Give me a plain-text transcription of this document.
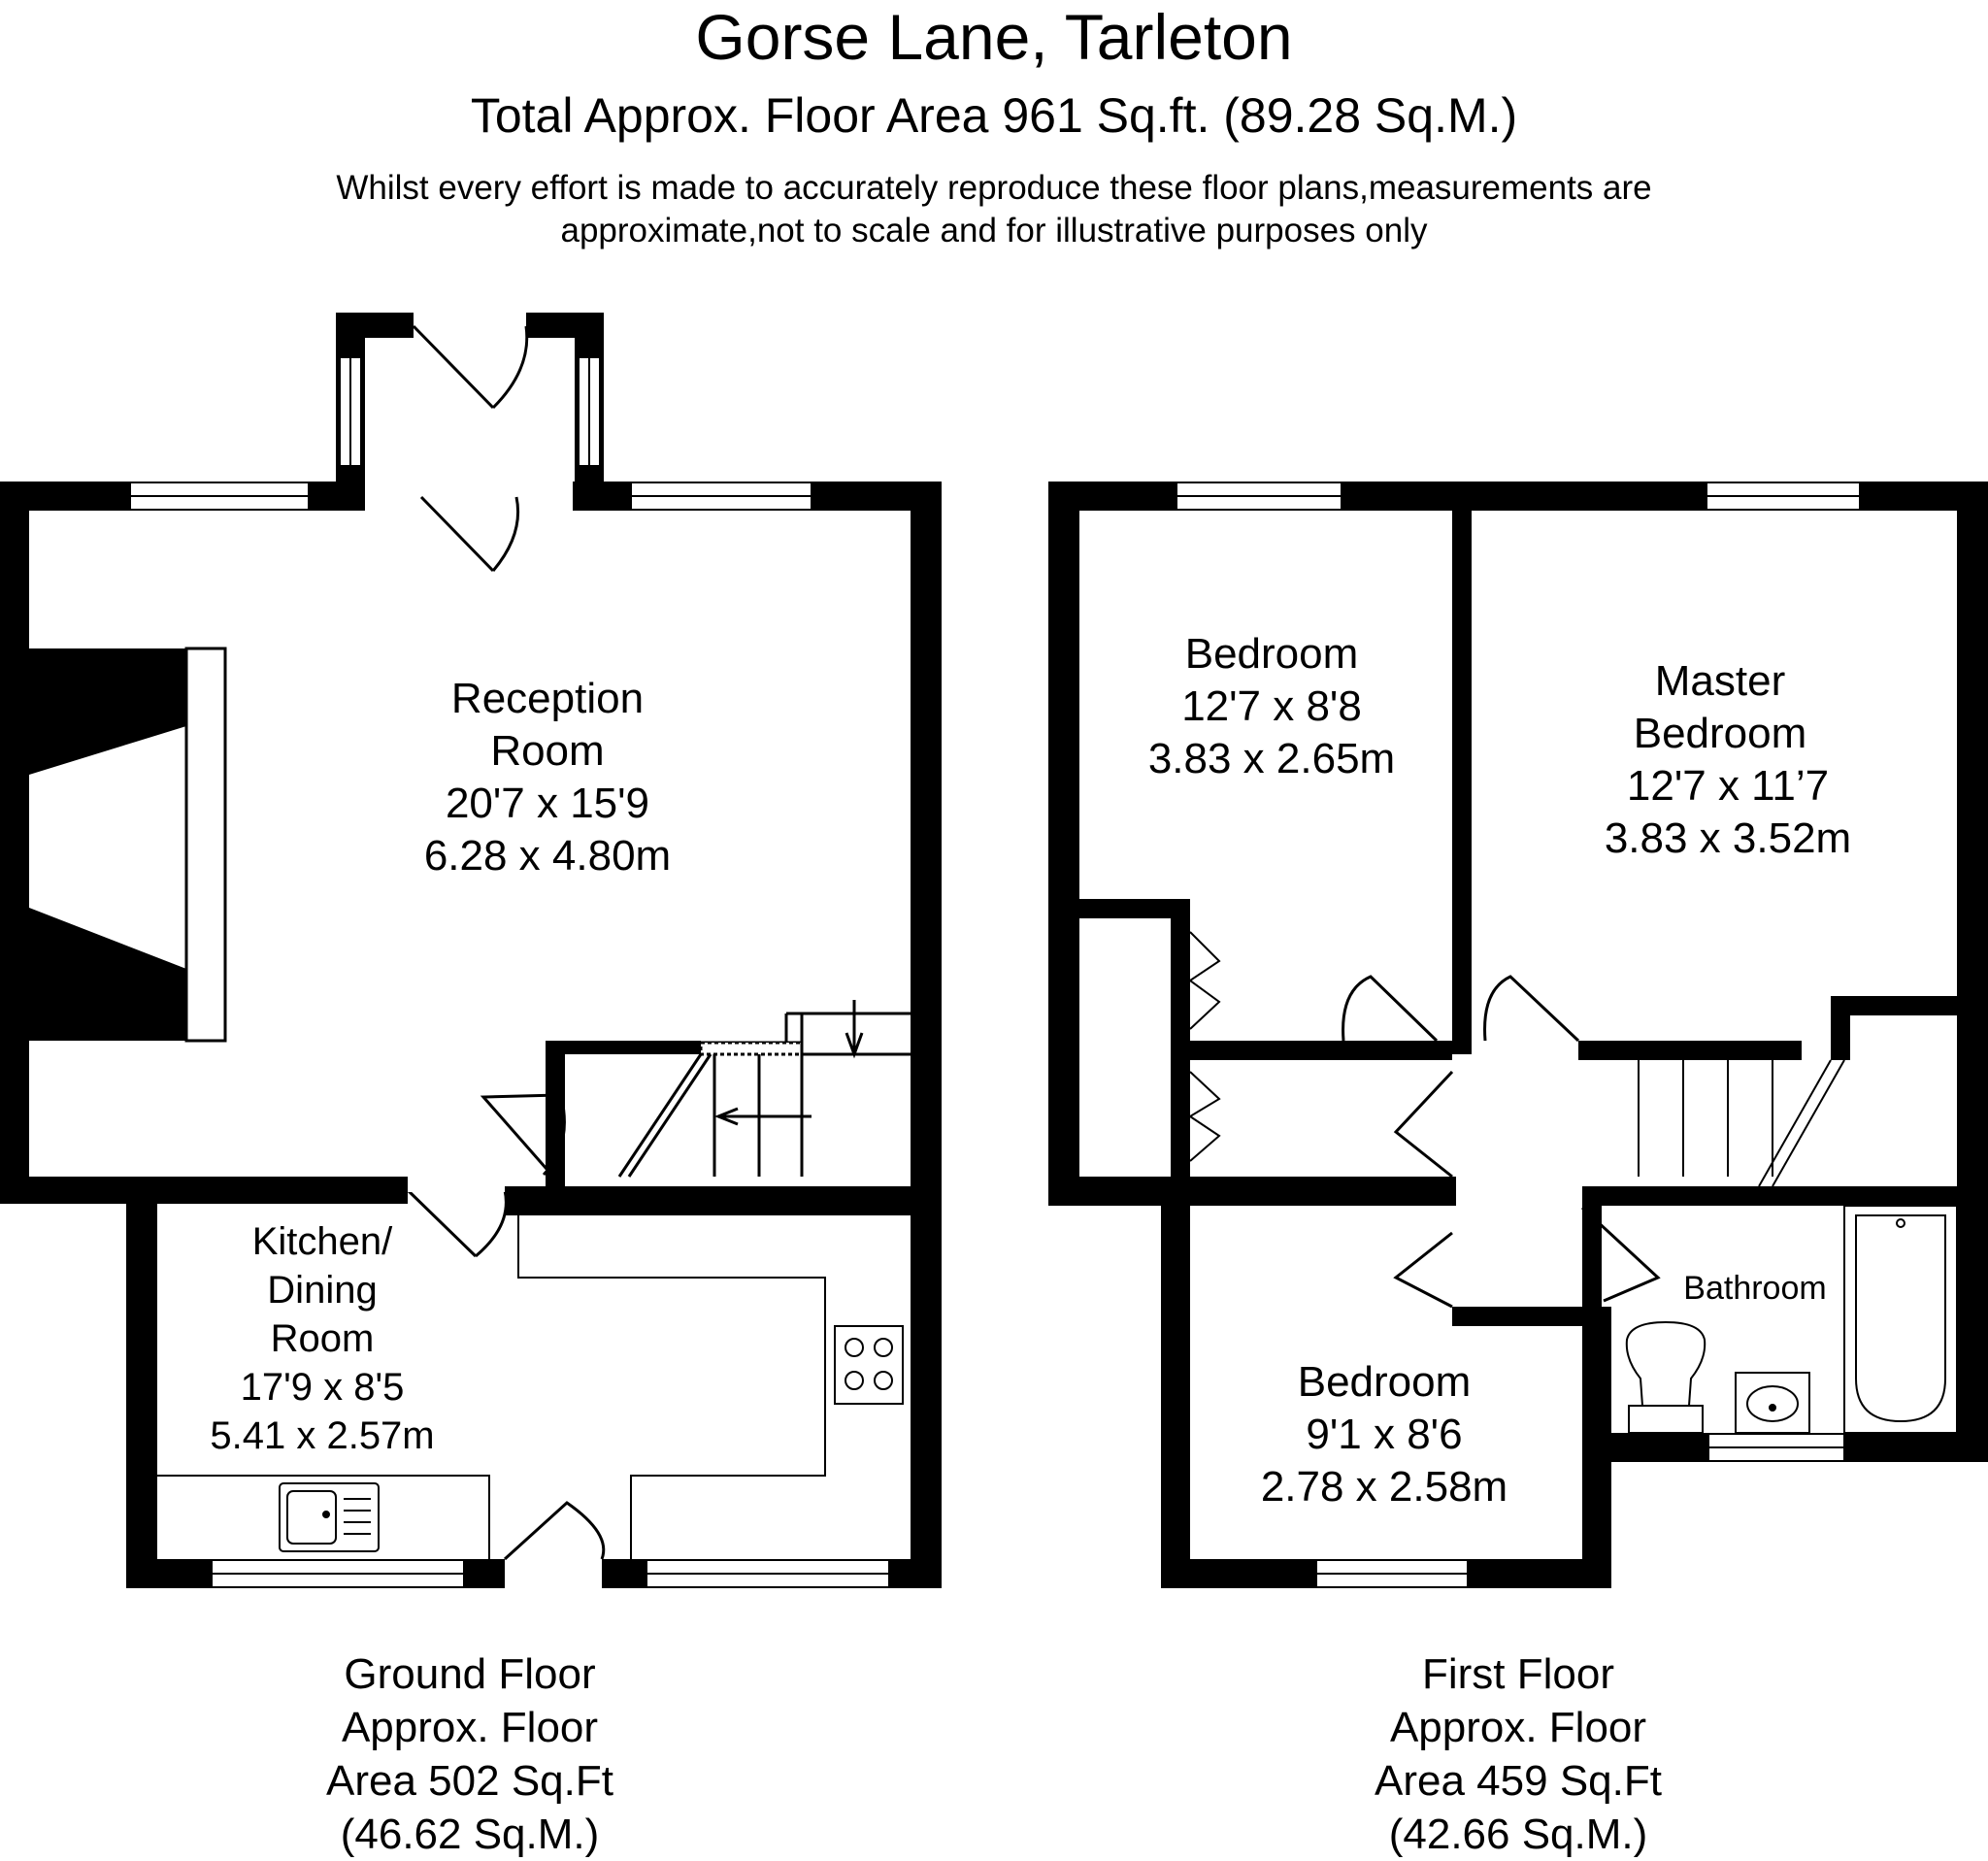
Gorse Lane, Tarleton
Total Approx. Floor Area 961 Sq.ft. (89.28 Sq.M.)
Whilst every effort is made to accurately reproduce these floor plans,measurements are
approximate,not to scale and for illustrative purposes only
Reception
Room
20'7 x 15'9
6.28 x 4.80m
Kitchen/
Dining
Room
17'9 x 8'5
5.41 x 2.57m
Bedroom
12'7 x 8'8
3.83 x 2.65m
Master
Bedroom
12'7 x 11’7
3.83 x 3.52m
Bathroom
Bedroom
9'1 x 8'6
2.78 x 2.58m
Ground Floor
Approx. Floor
Area 502 Sq.Ft
(46.62 Sq.M.)
First Floor
Approx. Floor
Area 459 Sq.Ft
(42.66 Sq.M.)
